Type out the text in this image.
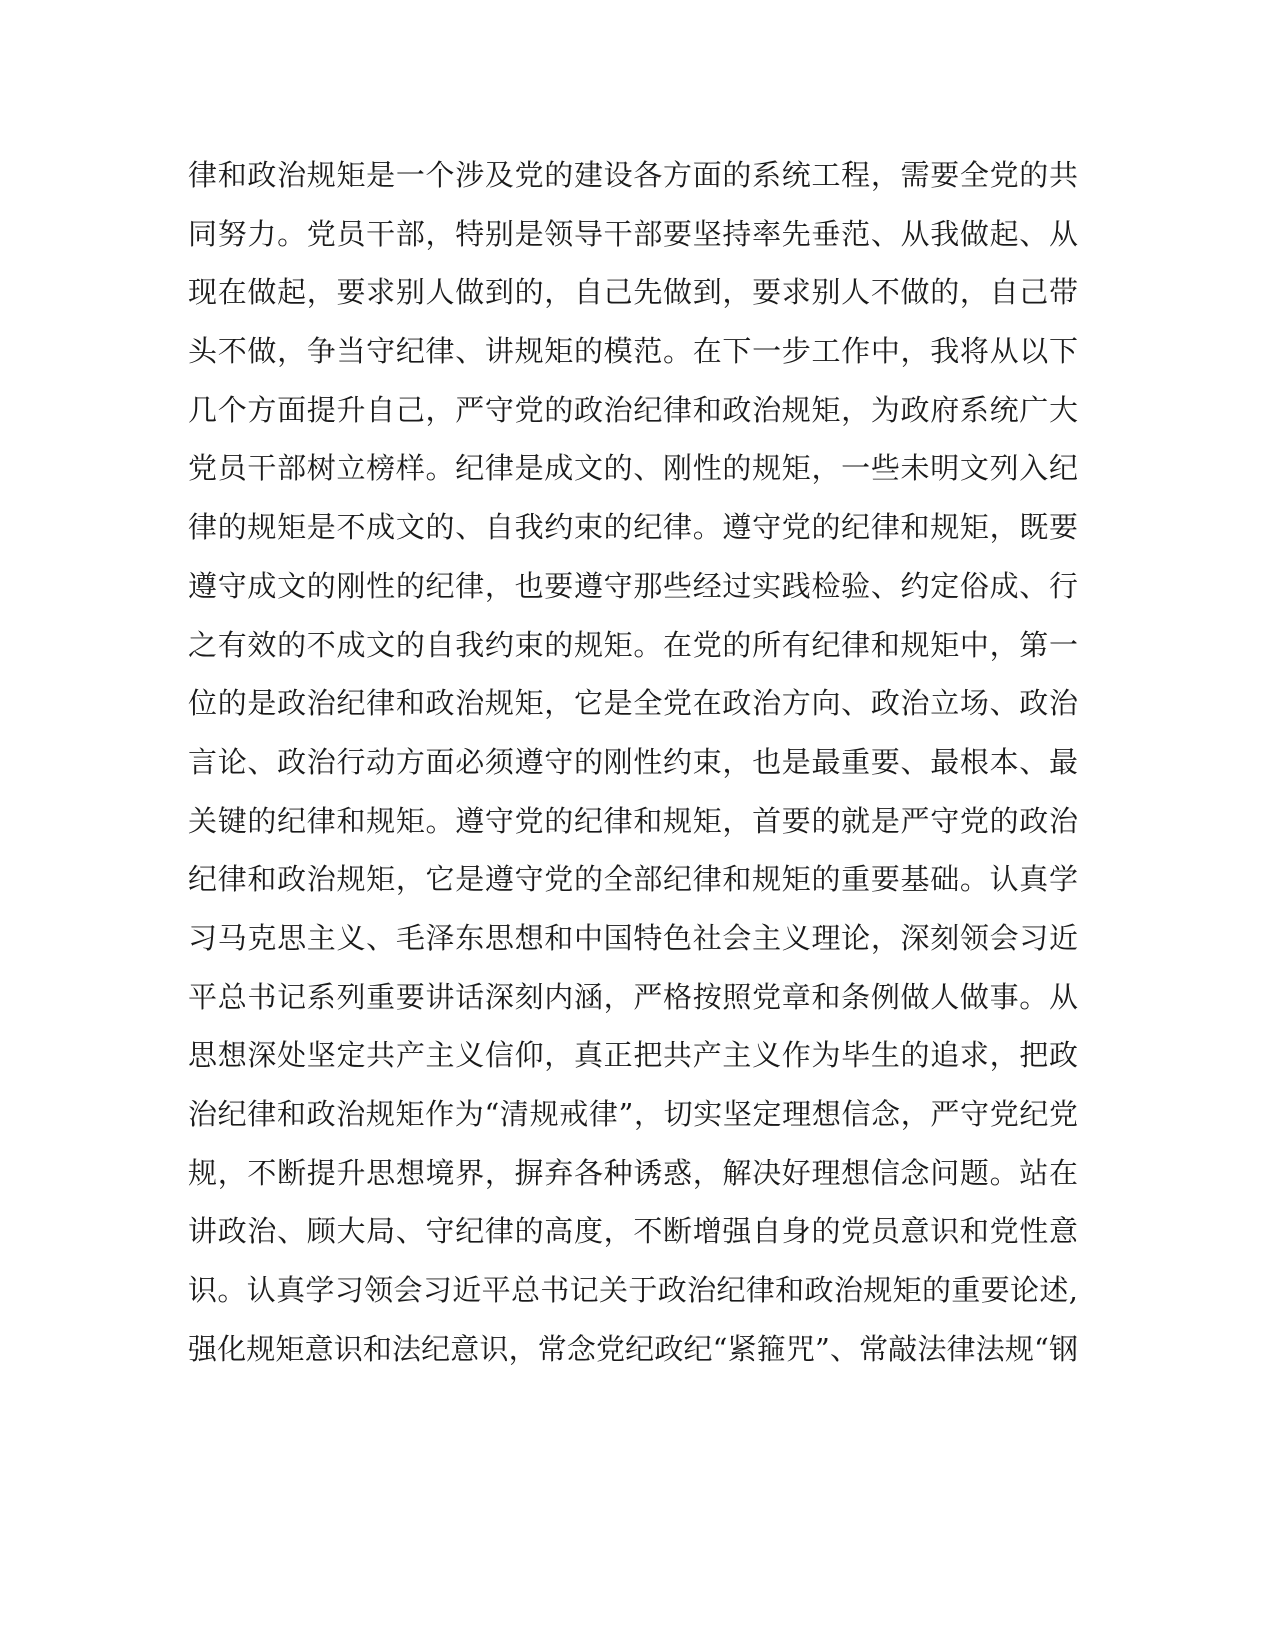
律和政治规矩是一个涉及党的建设各方面的系统工程，需要全党的共
同努力。党员干部，特别是领导干部要坚持率先垂范、从我做起、从
现在做起，要求别人做到的，自己先做到，要求别人不做的，自己带
头不做，争当守纪律、讲规矩的模范。在下一步工作中，我将从以下
几个方面提升自己，严守党的政治纪律和政治规矩，为政府系统广大
党员干部树立榜样。纪律是成文的、刚性的规矩，一些未明文列入纪
律的规矩是不成文的、自我约束的纪律。遵守党的纪律和规矩，既要
遵守成文的刚性的纪律，也要遵守那些经过实践检验、约定俗成、行
之有效的不成文的自我约束的规矩。在党的所有纪律和规矩中，第一
位的是政治纪律和政治规矩，它是全党在政治方向、政治立场、政治
言论、政治行动方面必须遵守的刚性约束，也是最重要、最根本、最
关键的纪律和规矩。遵守党的纪律和规矩，首要的就是严守党的政治
纪律和政治规矩，它是遵守党的全部纪律和规矩的重要基础。认真学
习马克思主义、毛泽东思想和中国特色社会主义理论，深刻领会习近
平总书记系列重要讲话深刻内涵，严格按照党章和条例做人做事。从
思想深处坚定共产主义信仰，真正把共产主义作为毕生的追求，把政
治纪律和政治规矩作为“清规戒律”，切实坚定理想信念，严守党纪党
规，不断提升思想境界，摒弃各种诱惑，解决好理想信念问题。站在
讲政治、顾大局、守纪律的高度，不断增强自身的党员意识和党性意
识。认真学习领会习近平总书记关于政治纪律和政治规矩的重要论述,
强化规矩意识和法纪意识，常念党纪政纪“紧箍咒”、常敲法律法规“钢
